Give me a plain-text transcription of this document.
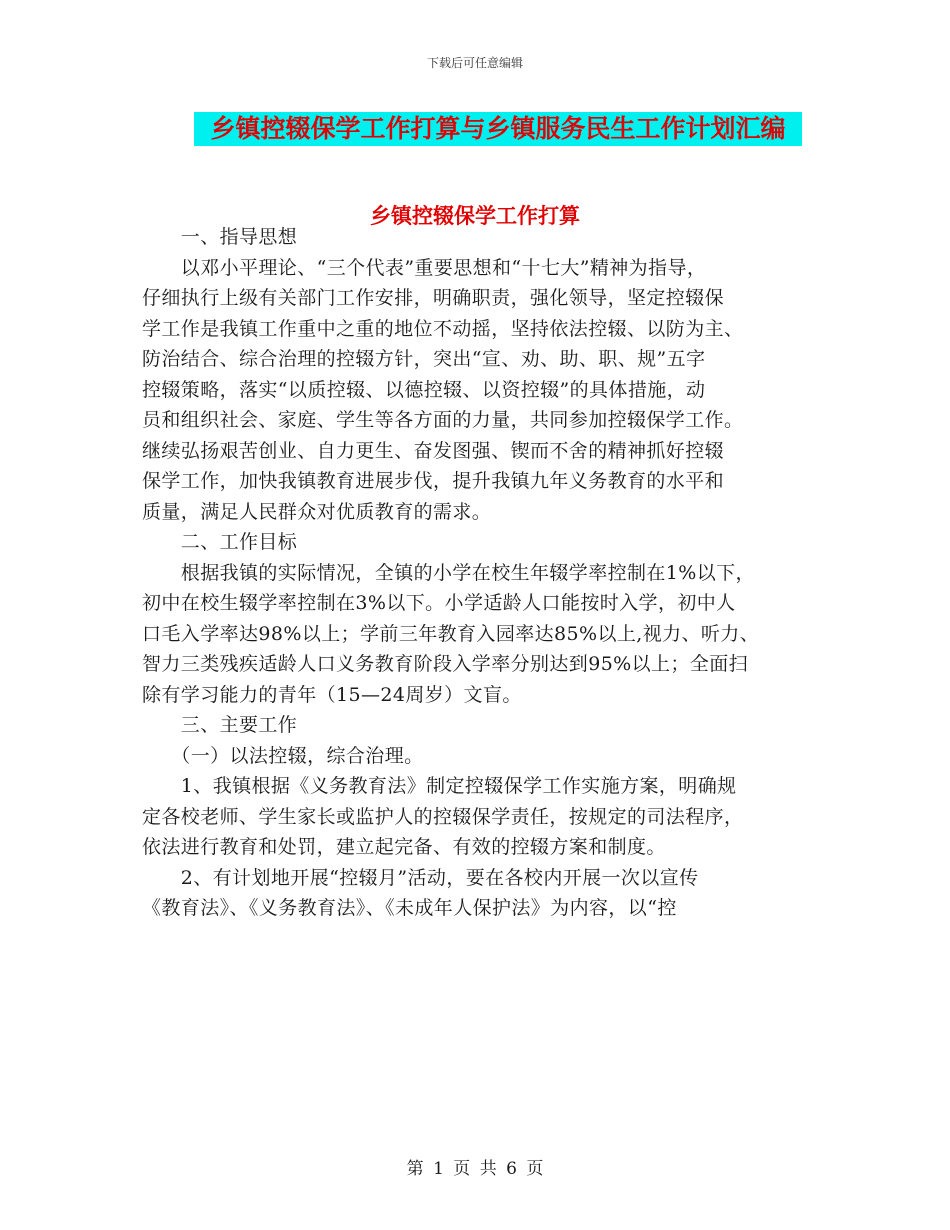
下载后可任意编辑
乡镇控辍保学工作打算与乡镇服务民生工作计划汇编
乡镇控辍保学工作打算

　　一、指导思想
　　以邓小平理论、“三个代表”重要思想和“十七大”精神为指导，
仔细执行上级有关部门工作安排，明确职责，强化领导，坚定控辍保
学工作是我镇工作重中之重的地位不动摇，坚持依法控辍、以防为主、
防治结合、综合治理的控辍方针，突出“宣、劝、助、职、规”五字
控辍策略，落实“以质控辍、以德控辍、以资控辍”的具体措施，动
员和组织社会、家庭、学生等各方面的力量，共同参加控辍保学工作。
继续弘扬艰苦创业、自力更生、奋发图强、锲而不舍的精神抓好控辍
保学工作，加快我镇教育进展步伐，提升我镇九年义务教育的水平和
质量，满足人民群众对优质教育的需求。
　　二、工作目标
　　根据我镇的实际情况，全镇的小学在校生年辍学率控制在1%以下，
初中在校生辍学率控制在3%以下。小学适龄人口能按时入学，初中人
口毛入学率达98%以上；学前三年教育入园率达85%以上,视力、听力、
智力三类残疾适龄人口义务教育阶段入学率分别达到95%以上；全面扫
除有学习能力的青年（15—24周岁）文盲。
　　三、主要工作
　　（一）以法控辍，综合治理。
　　1、我镇根据《义务教育法》制定控辍保学工作实施方案，明确规
定各校老师、学生家长或监护人的控辍保学责任，按规定的司法程序，
依法进行教育和处罚，建立起完备、有效的控辍方案和制度。
　　2、有计划地开展“控辍月”活动，要在各校内开展一次以宣传
《教育法》、《义务教育法》、《未成年人保护法》为内容，以“控

第 1 页 共 6 页
